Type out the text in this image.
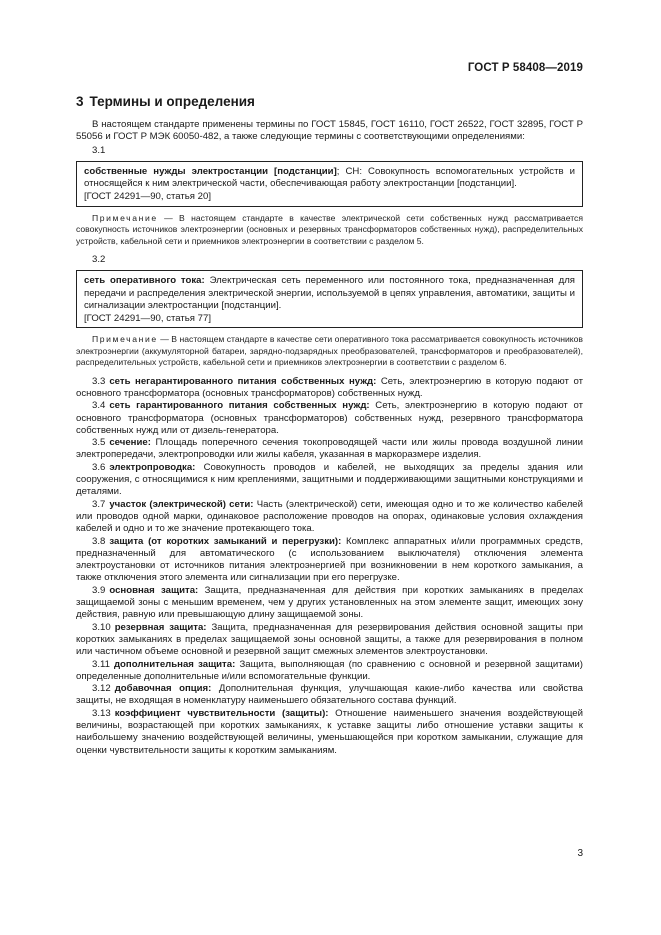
ГОСТ Р 58408—2019
3 Термины и определения

В настоящем стандарте применены термины по ГОСТ 15845, ГОСТ 16110, ГОСТ 26522, ГОСТ 32895, ГОСТ Р 55056 и ГОСТ Р МЭК 60050-482, а также следующие термины с соответствующими определениями:

3.1

собственные нужды электростанции [подстанции]; СН: Совокупность вспомогательных устройств и относящейся к ним электрической части, обеспечивающая работу электростанции [подстанции].

[ГОСТ 24291—90, статья 20]

Примечание — В настоящем стандарте в качестве электрической сети собственных нужд рассматривается совокупность источников электроэнергии (основных и резервных трансформаторов собственных нужд), распределительных устройств, кабельной сети и приемников электроэнергии в соответствии с разделом 5.

3.2

сеть оперативного тока: Электрическая сеть переменного или постоянного тока, предназначенная для передачи и распределения электрической энергии, используемой в цепях управления, автоматики, защиты и сигнализации электростанции [подстанции].

[ГОСТ 24291—90, статья 77]

Примечание — В настоящем стандарте в качестве сети оперативного тока рассматривается совокупность источников электроэнергии (аккумуляторной батареи, зарядно-подзарядных преобразователей, трансформаторов и преобразователей), распределительных устройств, кабельной сети и приемников электроэнергии в соответствии с разделом 6.

3.3 сеть негарантированного питания собственных нужд: Сеть, электроэнергию в которую подают от основного трансформатора (основных трансформаторов) собственных нужд.

3.4 сеть гарантированного питания собственных нужд: Сеть, электроэнергию в которую подают от основного трансформатора (основных трансформаторов) собственных нужд, резервного трансформатора собственных нужд или от дизель-генератора.

3.5 сечение: Площадь поперечного сечения токопроводящей части или жилы провода воздушной линии электропередачи, электропроводки или жилы кабеля, указанная в маркоразмере изделия.

3.6 электропроводка: Совокупность проводов и кабелей, не выходящих за пределы здания или сооружения, с относящимися к ним креплениями, защитными и поддерживающими защитными конструкциями и деталями.

3.7 участок (электрической) сети: Часть (электрической) сети, имеющая одно и то же количество кабелей или проводов одной марки, одинаковое расположение проводов на опорах, одинаковые условия охлаждения кабелей и одно и то же значение протекающего тока.

3.8 защита (от коротких замыканий и перегрузки): Комплекс аппаратных и/или программных средств, предназначенный для автоматического (с использованием выключателя) отключения элемента электроустановки от источников питания электроэнергией при возникновении в нем короткого замыкания, а также отключения этого элемента или сигнализации при его перегрузке.

3.9 основная защита: Защита, предназначенная для действия при коротких замыканиях в пределах защищаемой зоны с меньшим временем, чем у других установленных на этом элементе защит, имеющих зону действия, равную или превышающую длину защищаемой зоны.

3.10 резервная защита: Защита, предназначенная для резервирования действия основной защиты при коротких замыканиях в пределах защищаемой зоны основной защиты, а также для резервирования в полном или частичном объеме основной и резервной защит смежных элементов электроустановки.

3.11 дополнительная защита: Защита, выполняющая (по сравнению с основной и резервной защитами) определенные дополнительные и/или вспомогательные функции.

3.12 добавочная опция: Дополнительная функция, улучшающая какие-либо качества или свойства защиты, не входящая в номенклатуру наименьшего обязательного состава функций.

3.13 коэффициент чувствительности (защиты): Отношение наименьшего значения воздействующей величины, возрастающей при коротких замыканиях, к уставке защиты либо отношение уставки защиты к наибольшему значению воздействующей величины, уменьшающейся при коротком замыкании, служащие для оценки чувствительности защиты к коротким замыканиям.

3
